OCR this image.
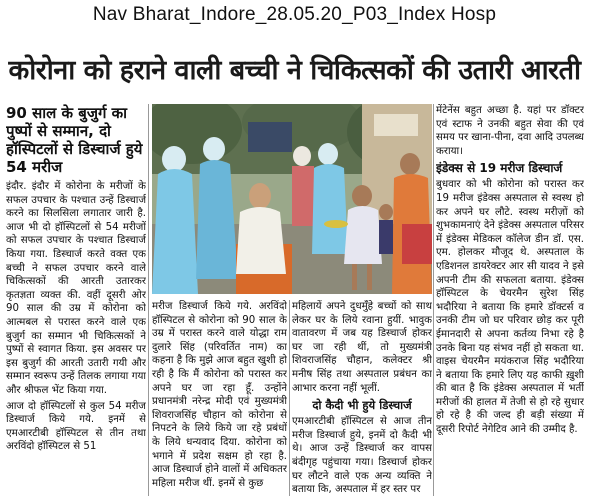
Nav Bharat_Indore_28.05.20_P03_Index Hosp
कोरोना को हराने वाली बच्ची ने चिकित्सकों की उतारी आरती
90 साल के बुजुर्ग का पुष्पों से सम्मान, दो हॉस्पिटलों से डिस्चार्ज हुये 54 मरीज

इंदौर. इंदौर में कोरोना के मरीजों के सफल उपचार के पश्चात उन्हें डिस्चार्ज करने का सिलसिला लगातार जारी है. आज भी दो हॉस्पिटलों से 54 मरीजों को सफल उपचार के पश्चात डिस्चार्ज किया गया. डिस्चार्ज करते वक्त एक बच्ची ने सफल उपचार करने वाले चिकित्सकों की आरती उतारकर कृतज्ञता व्यक्त की. वहीं दूसरी ओर 90 साल की उम्र में कोरोना को आत्मबल से परास्त करने वाले एक बुजुर्ग का सम्मान भी चिकित्सकों ने पुष्पों से स्वागत किया. इस अवसर पर इस बुजुर्ग की आरती उतारी गयी और सम्मान स्वरूप उन्हें तिलक लगाया गया और श्रीफल भेंट किया गया.

आज दो हॉस्पिटलों से कुल 54 मरीज डिस्चार्ज किये गये. इनमें से एमआरटीबी हॉस्पिटल से तीन तथा अरविंदो हॉस्पिटल से 51

मरीज डिस्चार्ज किये गये. अरविंदो हॉस्पिटल से कोरोना को 90 साल के उम्र में परास्त करने वाले योद्धा राम दुलारे सिंह (परिवर्तित नाम) का कहना है कि मुझे आज बहुत खुशी हो रही है कि मैं कोरोना को परास्त कर अपने घर जा रहा हूँ. उन्होंने प्रधानमंत्री नरेन्द्र मोदी एवं मुख्यमंत्री शिवराजसिंह चौहान को कोरोना से निपटने के लिये किये जा रहे प्रबंधों के लिये धन्यवाद दिया. कोरोना को भगाने में प्रदेश सक्षम हो रहा है. आज डिस्चार्ज होने वालों में अधिकतर महिला मरीज थीं. इनमें से कुछ

महिलायें अपने दुधमुँहे बच्चों को साथ लेकर घर के लिये रवाना हुयीं. भावुक वातावरण में जब यह डिस्चार्ज होकर घर जा रही थीं, तो मुख्यमंत्री शिवराजसिंह चौहान, कलेक्टर श्री मनीष सिंह तथा अस्पताल प्रबंधन का आभार करना नहीं भूलीं.

दो कैदी भी हुये डिस्चार्ज

एमआरटीबी हॉस्पिटल से आज तीन मरीज डिस्चार्ज हुये, इनमें दो कैदी भी थे। आज उन्हें डिस्चार्ज कर वापस बंदीगृह पहुंचाया गया। डिस्चार्ज होकर घर लौटने वाले एक अन्य व्यक्ति ने बताया कि, अस्पताल में हर स्तर पर

मेंटेनेंस बहुत अच्छा है. यहां पर डॉक्टर एवं स्टाफ ने उनकी बहुत सेवा की एवं समय पर खाना-पीना, दवा आदि उपलब्ध कराया।

इंडेक्स से 19 मरीज डिस्चार्ज

बुधवार को भी कोरोना को परास्त कर 19 मरीज इंडेक्स अस्पताल से स्वस्थ हो कर अपने घर लौटे. स्वस्थ मरीज़ों को शुभकामनाएं देने इंडेक्स अस्पताल परिसर में इंडेक्स मेडिकल कॉलेज डीन डॉ. एस. एम. होलकर मौजूद थे. अस्पताल के एडिशनल डायरेक्टर आर सी यादव ने इसे अपनी टीम की सफलता बताया. इंडेक्स हॉस्पिटल के चेयरमैन सुरेश सिंह भदौरिया ने बताया कि हमारे डॉक्टर्स व उनकी टीम जो घर परिवार छोड़ कर पूरी ईमानदारी से अपना कर्तव्य निभा रहे है उनके बिना यह संभव नहीं हो सकता था. वाइस चेयरमैन मयंकराज सिंह भदौरिया ने बताया कि हमारे लिए यह काफी ख़ुशी की बात है कि इंडेक्स अस्पताल में भर्ती मरीजों की हालत में तेजी से हो रहे सुधार हो रहे है की जल्द ही बड़ी संख्या में दूसरी रिपोर्ट नेगेटिव आने की उम्मीद है.
